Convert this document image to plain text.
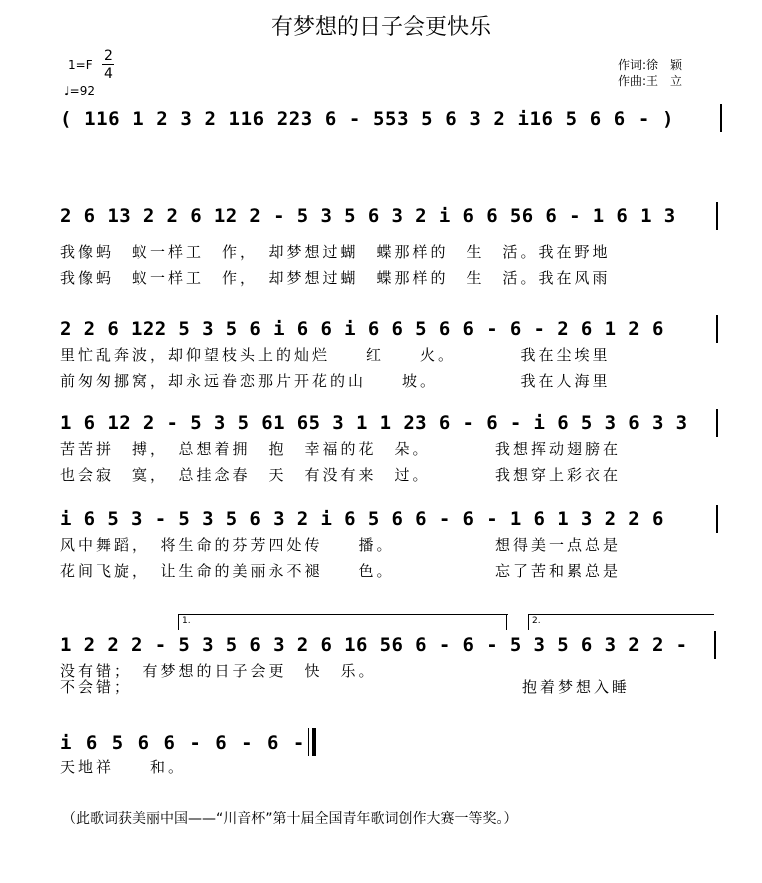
有梦想的日子会更快乐
1=F
2
4
♩=92
作词:徐　颖
作曲:王　立
( 116 1 2 3 2 116 223 6 - 553 5 6 3 2 i16 5 6 6 - )
2 6 13 2 2 6 12 2 - 5 3 5 6 3 2 i 6 6 56 6 - 1 6 1 3
我像蚂　蚁一样工　作，　却梦想过蝴　蝶那样的　生　活。我在野地
我像蚂　蚁一样工　作，　却梦想过蝴　蝶那样的　生　活。我在风雨
2 2 6 122 5 3 5 6 i 6 6 i 6 6 5 6 6 - 6 - 2 6 1 2 6
里忙乱奔波，却仰望枝头上的灿烂　　红　　火。　　　　我在尘埃里
前匆匆挪窝，却永远眷恋那片开花的山　　坡。　　　　　我在人海里
1 6 12 2 - 5 3 5 61 65 3 1 1 23 6 - 6 - i 6 5 3 6 3 3
苦苦拼　搏，　总想着拥　抱　幸福的花　朵。　　　　我想挥动翅膀在
也会寂　寞，　总挂念春　天　有没有来　过。　　　　我想穿上彩衣在
i 6 5 3 - 5 3 5 6 3 2 i 6 5 6 6 - 6 - 1 6 1 3 2 2 6
风中舞蹈，　将生命的芬芳四处传　　播。　　　　　　想得美一点总是
花间飞旋，　让生命的美丽永不褪　　色。　　　　　　忘了苦和累总是
1.	2.
1 2 2 2 - 5 3 5 6 3 2 6 16 56 6 - 6 - 5 3 5 6 3 2 2 -
没有错；　有梦想的日子会更　快　乐。
不会错；	抱着梦想入睡
i 6 5 6 6 - 6 - 6 -
天地祥　　和。
（此歌词获美丽中国——“川音杯”第十届全国青年歌词创作大赛一等奖。）
